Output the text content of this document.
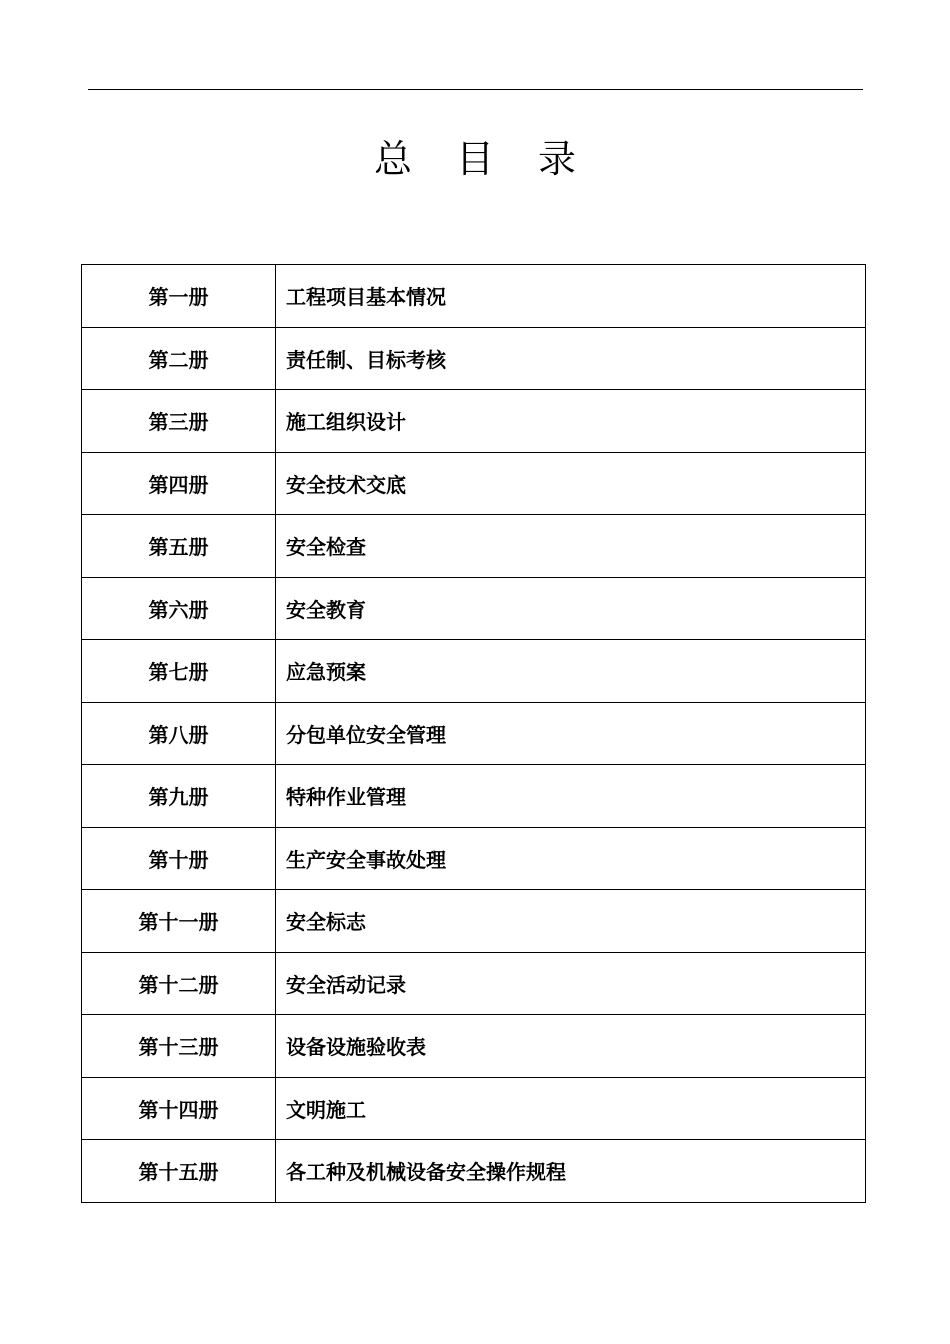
总目录
第一册	工程项目基本情况
第二册	责任制、目标考核
第三册	施工组织设计
第四册	安全技术交底
第五册	安全检查
第六册	安全教育
第七册	应急预案
第八册	分包单位安全管理
第九册	特种作业管理
第十册	生产安全事故处理
第十一册	安全标志
第十二册	安全活动记录
第十三册	设备设施验收表
第十四册	文明施工
第十五册	各工种及机械设备安全操作规程
